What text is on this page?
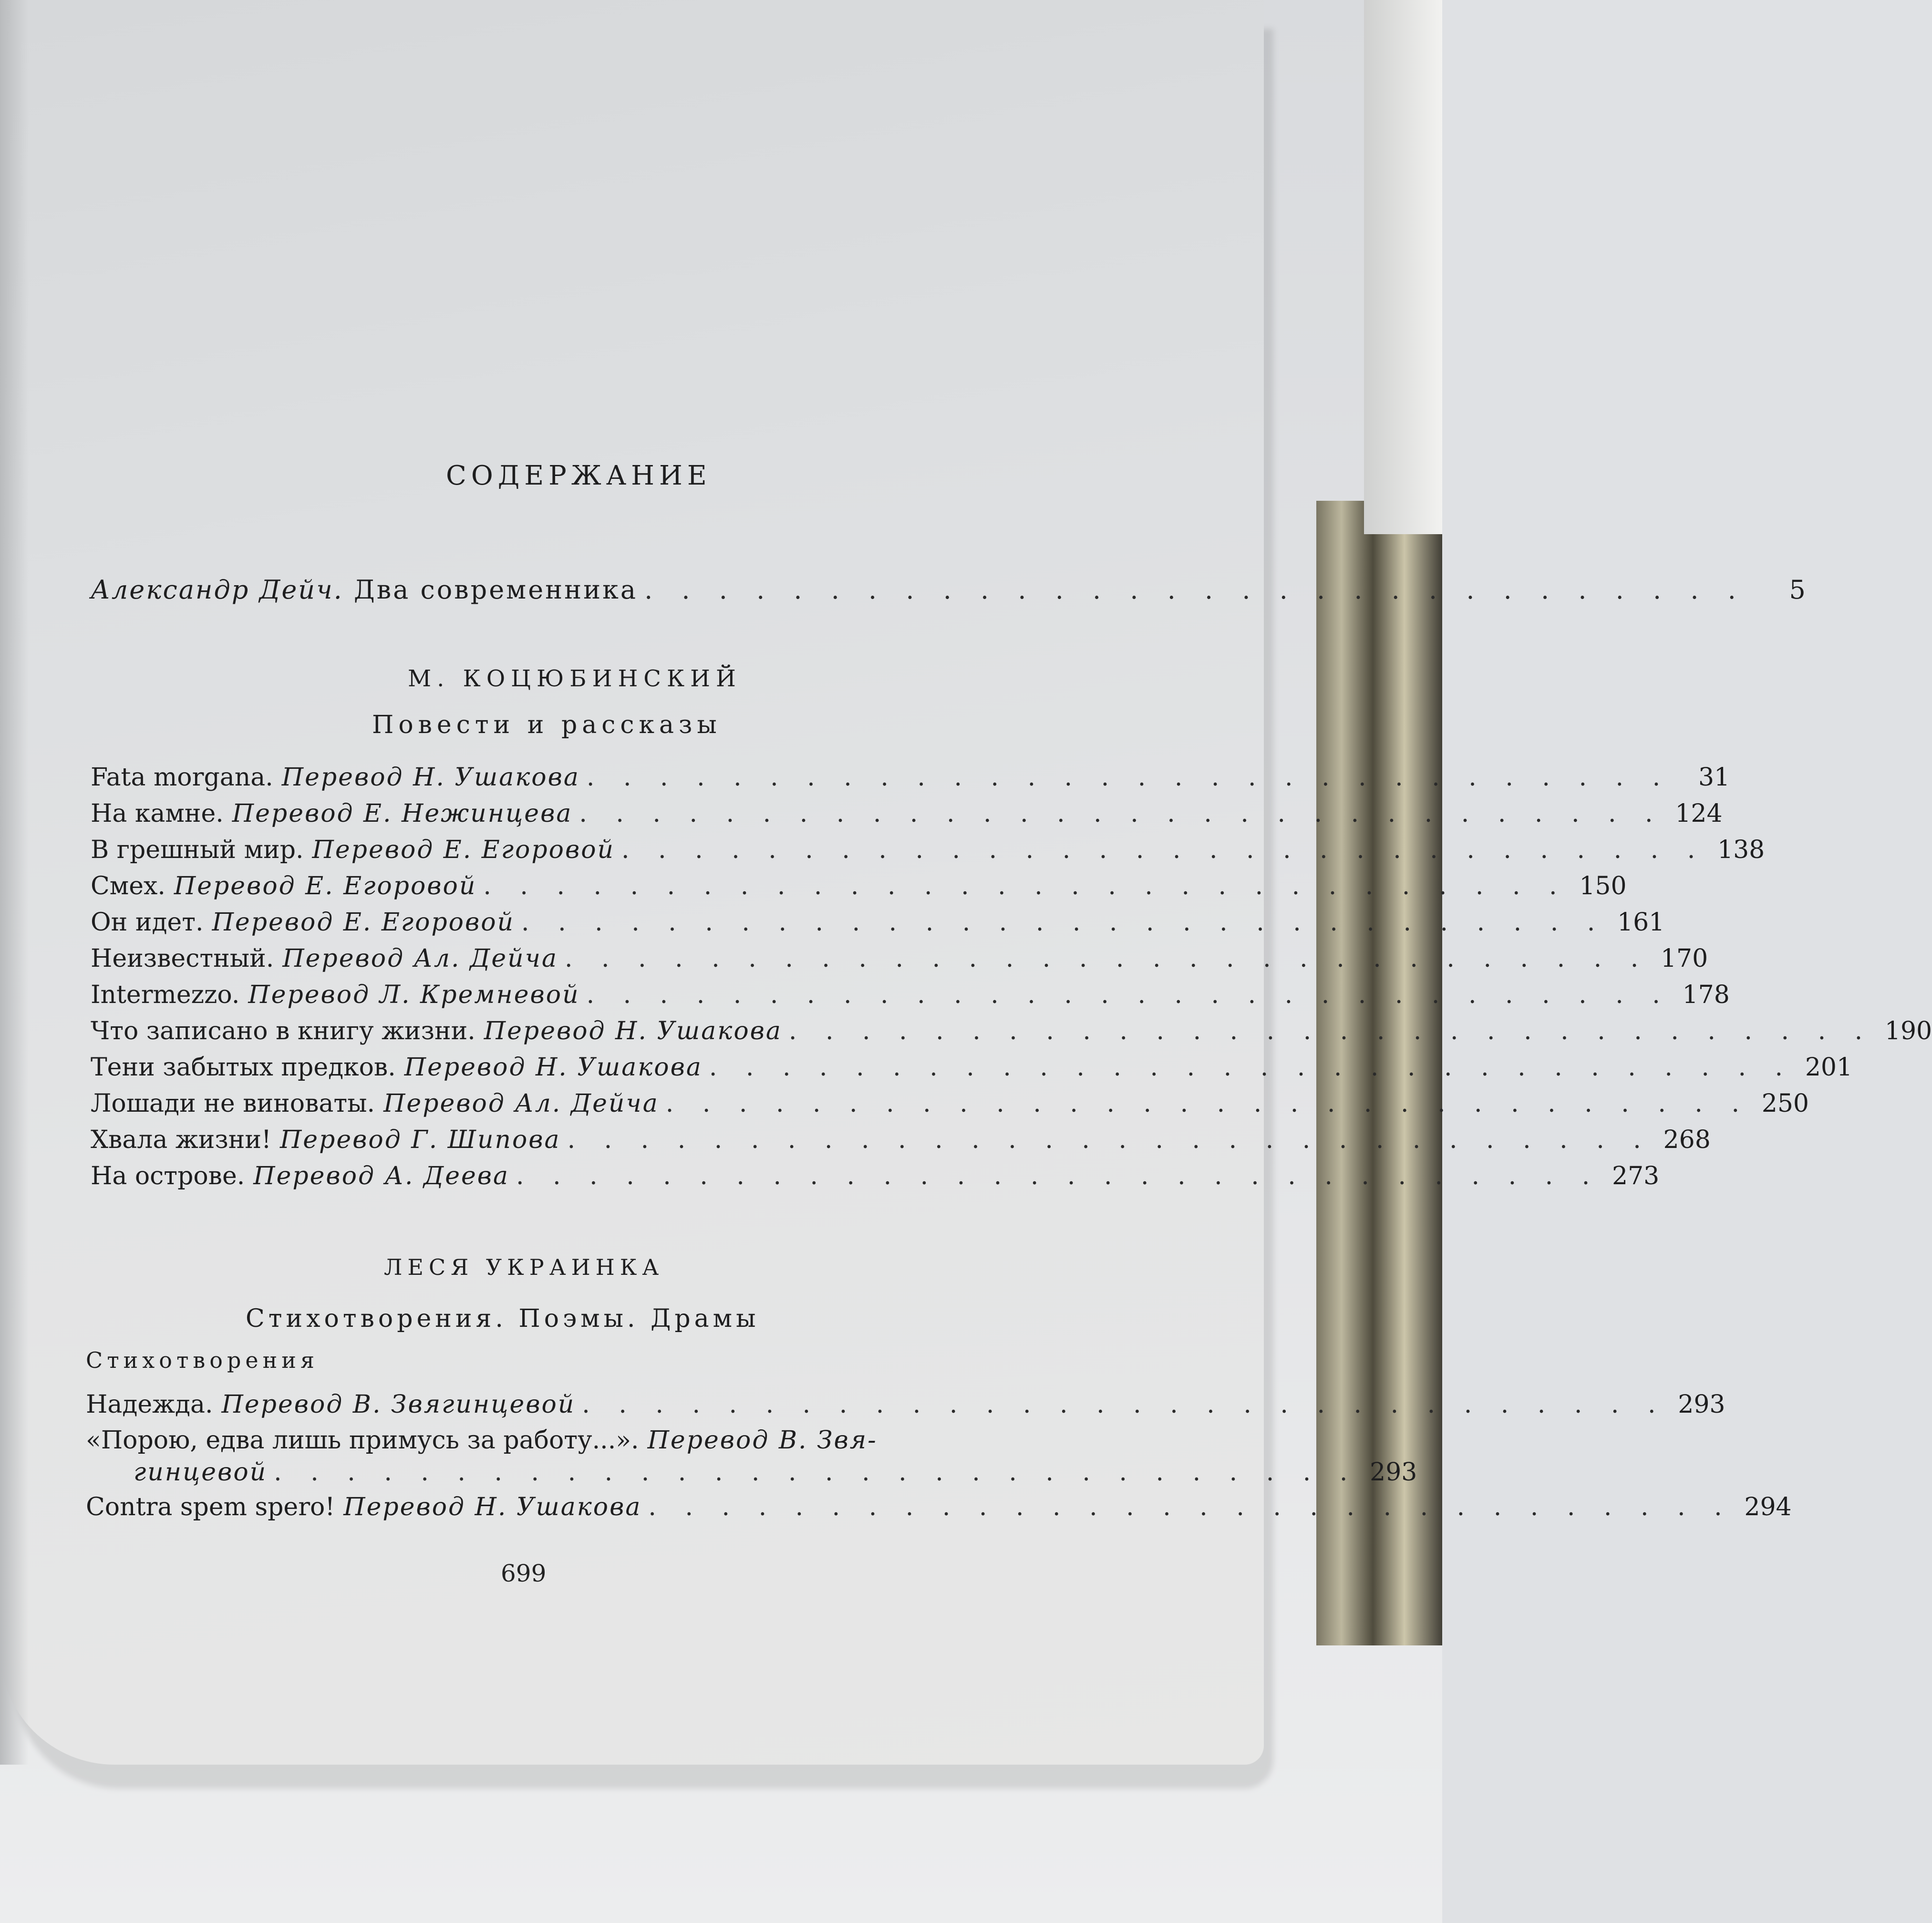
СОДЕРЖАНИЕ
Александр Дейч. Два современника . . . . . . . . . . . . . . . . . . . . . . . . . . . . . .	5
М. КОЦЮБИНСКИЙ
Повести и рассказы
Fata morgana. Перевод Н. Ушакова . . . . . . . . . . . . . . . . . . . . . . . . . . . . . .	31
На камне. Перевод Е. Нежинцева . . . . . . . . . . . . . . . . . . . . . . . . . . . . . . 124
В грешный мир. Перевод Е. Егоровой . . . . . . . . . . . . . . . . . . . . . . . . . . . . . . 138
Смех. Перевод Е. Егоровой . . . . . . . . . . . . . . . . . . . . . . . . . . . . . . 150
Он идет. Перевод Е. Егоровой . . . . . . . . . . . . . . . . . . . . . . . . . . . . . . 161
Неизвестный. Перевод Ал. Дейча . . . . . . . . . . . . . . . . . . . . . . . . . . . . . . 170
Intermezzo. Перевод Л. Кремневой . . . . . . . . . . . . . . . . . . . . . . . . . . . . . . 178
Что записано в книгу жизни. Перевод Н. Ушакова . . . . . . . . . . . . . . . . . . . . . . . . . . . . . . 190
Тени забытых предков. Перевод Н. Ушакова . . . . . . . . . . . . . . . . . . . . . . . . . . . . . . 201
Лошади не виноваты. Перевод Ал. Дейча . . . . . . . . . . . . . . . . . . . . . . . . . . . . . . 250
Хвала жизни! Перевод Г. Шипова . . . . . . . . . . . . . . . . . . . . . . . . . . . . . . 268
На острове. Перевод А. Деева . . . . . . . . . . . . . . . . . . . . . . . . . . . . . . 273
ЛЕСЯ УКРАИНКА
Стихотворения. Поэмы. Драмы
Стихотворения
Надежда. Перевод В. Звягинцевой . . . . . . . . . . . . . . . . . . . . . . . . . . . . . . 293
«Порою, едва лишь примусь за работу...». Перевод В. Звя-
гинцевой . . . . . . . . . . . . . . . . . . . . . . . . . . . . . . 293
Contra spem spero! Перевод Н. Ушакова . . . . . . . . . . . . . . . . . . . . . . . . . . . . . . 294
699
